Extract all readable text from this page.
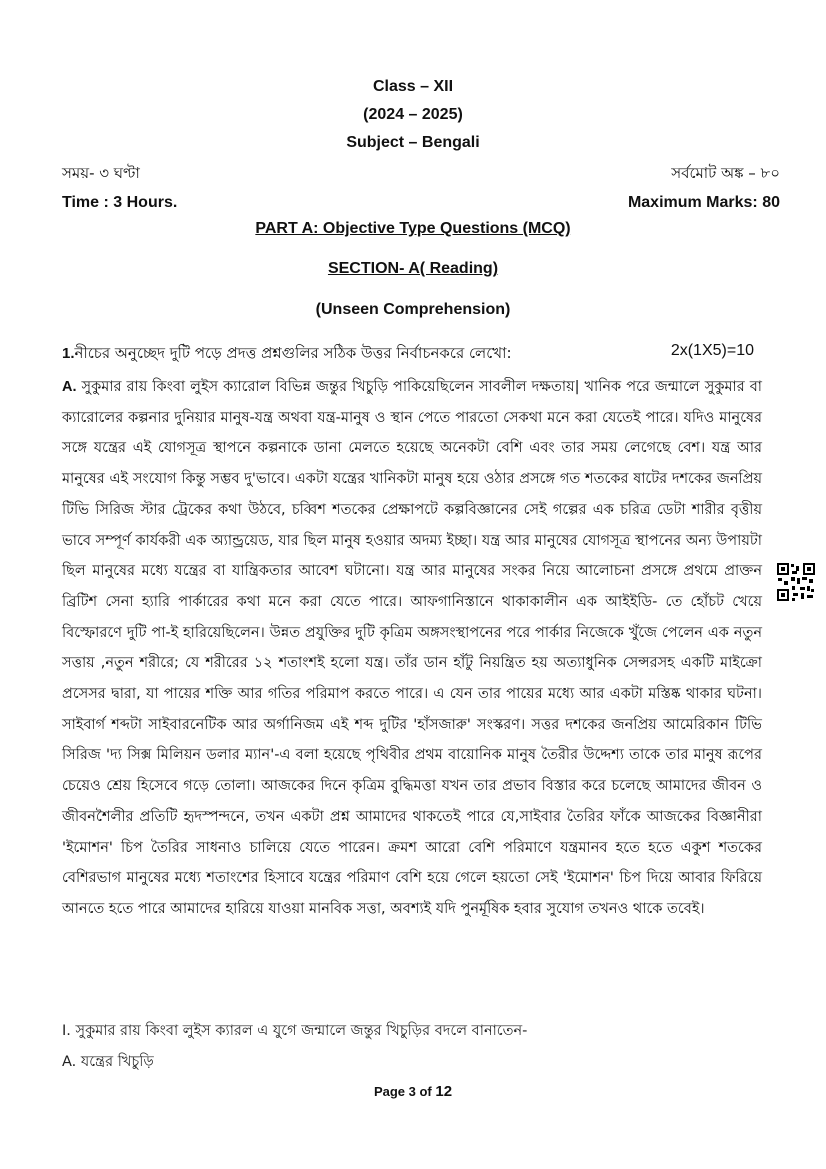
Class – XII
(2024 – 2025)
Subject – Bengali
সময়- ৩ ঘণ্টা	সর্বমোট অঙ্ক – ৮০
Time : 3 Hours.	Maximum Marks: 80
PART A: Objective Type Questions (MCQ)
SECTION- A( Reading)
(Unseen Comprehension)
1.নীচের অনুচ্ছেদ দুটি পড়ে প্রদত্ত প্রশ্নগুলির সঠিক উত্তর নির্বাচনকরে লেখো:	2x(1X5)=10
A. সুকুমার রায় কিংবা লুইস ক্যারোল বিভিন্ন জন্তুর খিচুড়ি পাকিয়েছিলেন সাবলীল দক্ষতায়| খানিক পরে জন্মালে সুকুমার বা ক্যারোলের কল্পনার দুনিয়ার মানুষ-যন্ত্র অথবা যন্ত্র-মানুষ ও স্থান পেতে পারতো সেকথা মনে করা যেতেই পারে। যদিও মানুষের সঙ্গে যন্ত্রের এই যোগসূত্র স্থাপনে কল্পনাকে ডানা মেলতে হয়েছে অনেকটা বেশি এবং তার সময় লেগেছে বেশ। যন্ত্র আর মানুষের এই সংযোগ কিন্তু সম্ভব দু'ভাবে। একটা যন্ত্রের খানিকটা মানুষ হয়ে ওঠার প্রসঙ্গে গত শতকের ষাটের দশকের জনপ্রিয় টিভি সিরিজ স্টার ট্রেকের কথা উঠবে, চব্বিশ শতকের প্রেক্ষাপটে কল্পবিজ্ঞানের সেই গল্পের এক চরিত্র ডেটা শারীর বৃত্তীয় ভাবে সম্পূর্ণ কার্যকরী এক অ্যান্ড্রয়েড, যার ছিল মানুষ হওয়ার অদম্য ইচ্ছা। যন্ত্র আর মানুষের যোগসূত্র স্থাপনের অন্য উপায়টা ছিল মানুষের মধ্যে যন্ত্রের বা যান্ত্রিকতার আবেশ ঘটানো। যন্ত্র আর মানুষের সংকর নিয়ে আলোচনা প্রসঙ্গে প্রথমে প্রাক্তন ব্রিটিশ সেনা হ্যারি পার্কারের কথা মনে করা যেতে পারে। আফগানিস্তানে থাকাকালীন এক আইইডি- তে হোঁচট খেয়ে বিস্ফোরণে দুটি পা-ই হারিয়েছিলেন। উন্নত প্রযুক্তির দুটি কৃত্রিম অঙ্গসংস্থাপনের পরে পার্কার নিজেকে খুঁজে পেলেন এক নতুন সত্তায় ,নতুন শরীরে; যে শরীরের ১২ শতাংশই হলো যন্ত্র। তাঁর ডান হাঁটু নিয়ন্ত্রিত হয় অত্যাধুনিক সেন্সরসহ একটি মাইক্রো প্রসেসর দ্বারা, যা পায়ের শক্তি আর গতির পরিমাপ করতে পারে। এ যেন তার পায়ের মধ্যে আর একটা মস্তিষ্ক থাকার ঘটনা। সাইবার্গ শব্দটা সাইবারনেটিক আর অর্গানিজম এই শব্দ দুটির 'হাঁসজারু' সংস্করণ। সত্তর দশকের জনপ্রিয় আমেরিকান টিভি সিরিজ 'দ্য সিক্স মিলিয়ন ডলার ম্যান'-এ বলা হয়েছে পৃথিবীর প্রথম বায়োনিক মানুষ তৈরীর উদ্দেশ্য তাকে তার মানুষ রূপের চেয়েও শ্রেয় হিসেবে গড়ে তোলা। আজকের দিনে কৃত্রিম বুদ্ধিমত্তা যখন তার প্রভাব বিস্তার করে চলেছে আমাদের জীবন ও জীবনশৈলীর প্রতিটি হৃদস্পন্দনে, তখন একটা প্রশ্ন আমাদের থাকতেই পারে যে,সাইবার তৈরির ফাঁকে আজকের বিজ্ঞানীরা 'ইমোশন' চিপ তৈরির সাধনাও চালিয়ে যেতে পারেন। ক্রমশ আরো বেশি পরিমাণে যন্ত্রমানব হতে হতে একুশ শতকের বেশিরভাগ মানুষের মধ্যে শতাংশের হিসাবে যন্ত্রের পরিমাণ বেশি হয়ে গেলে হয়তো সেই 'ইমোশন' চিপ দিয়ে আবার ফিরিয়ে আনতে হতে পারে আমাদের হারিয়ে যাওয়া মানবিক সত্তা, অবশ্যই যদি পুনর্মূষিক হবার সুযোগ তখনও থাকে তবেই।
I. সুকুমার রায় কিংবা লুইস ক্যারল এ যুগে জন্মালে জন্তুর খিচুড়ির বদলে বানাতেন-
A. যন্ত্রের খিচুড়ি
Page 3 of 12
